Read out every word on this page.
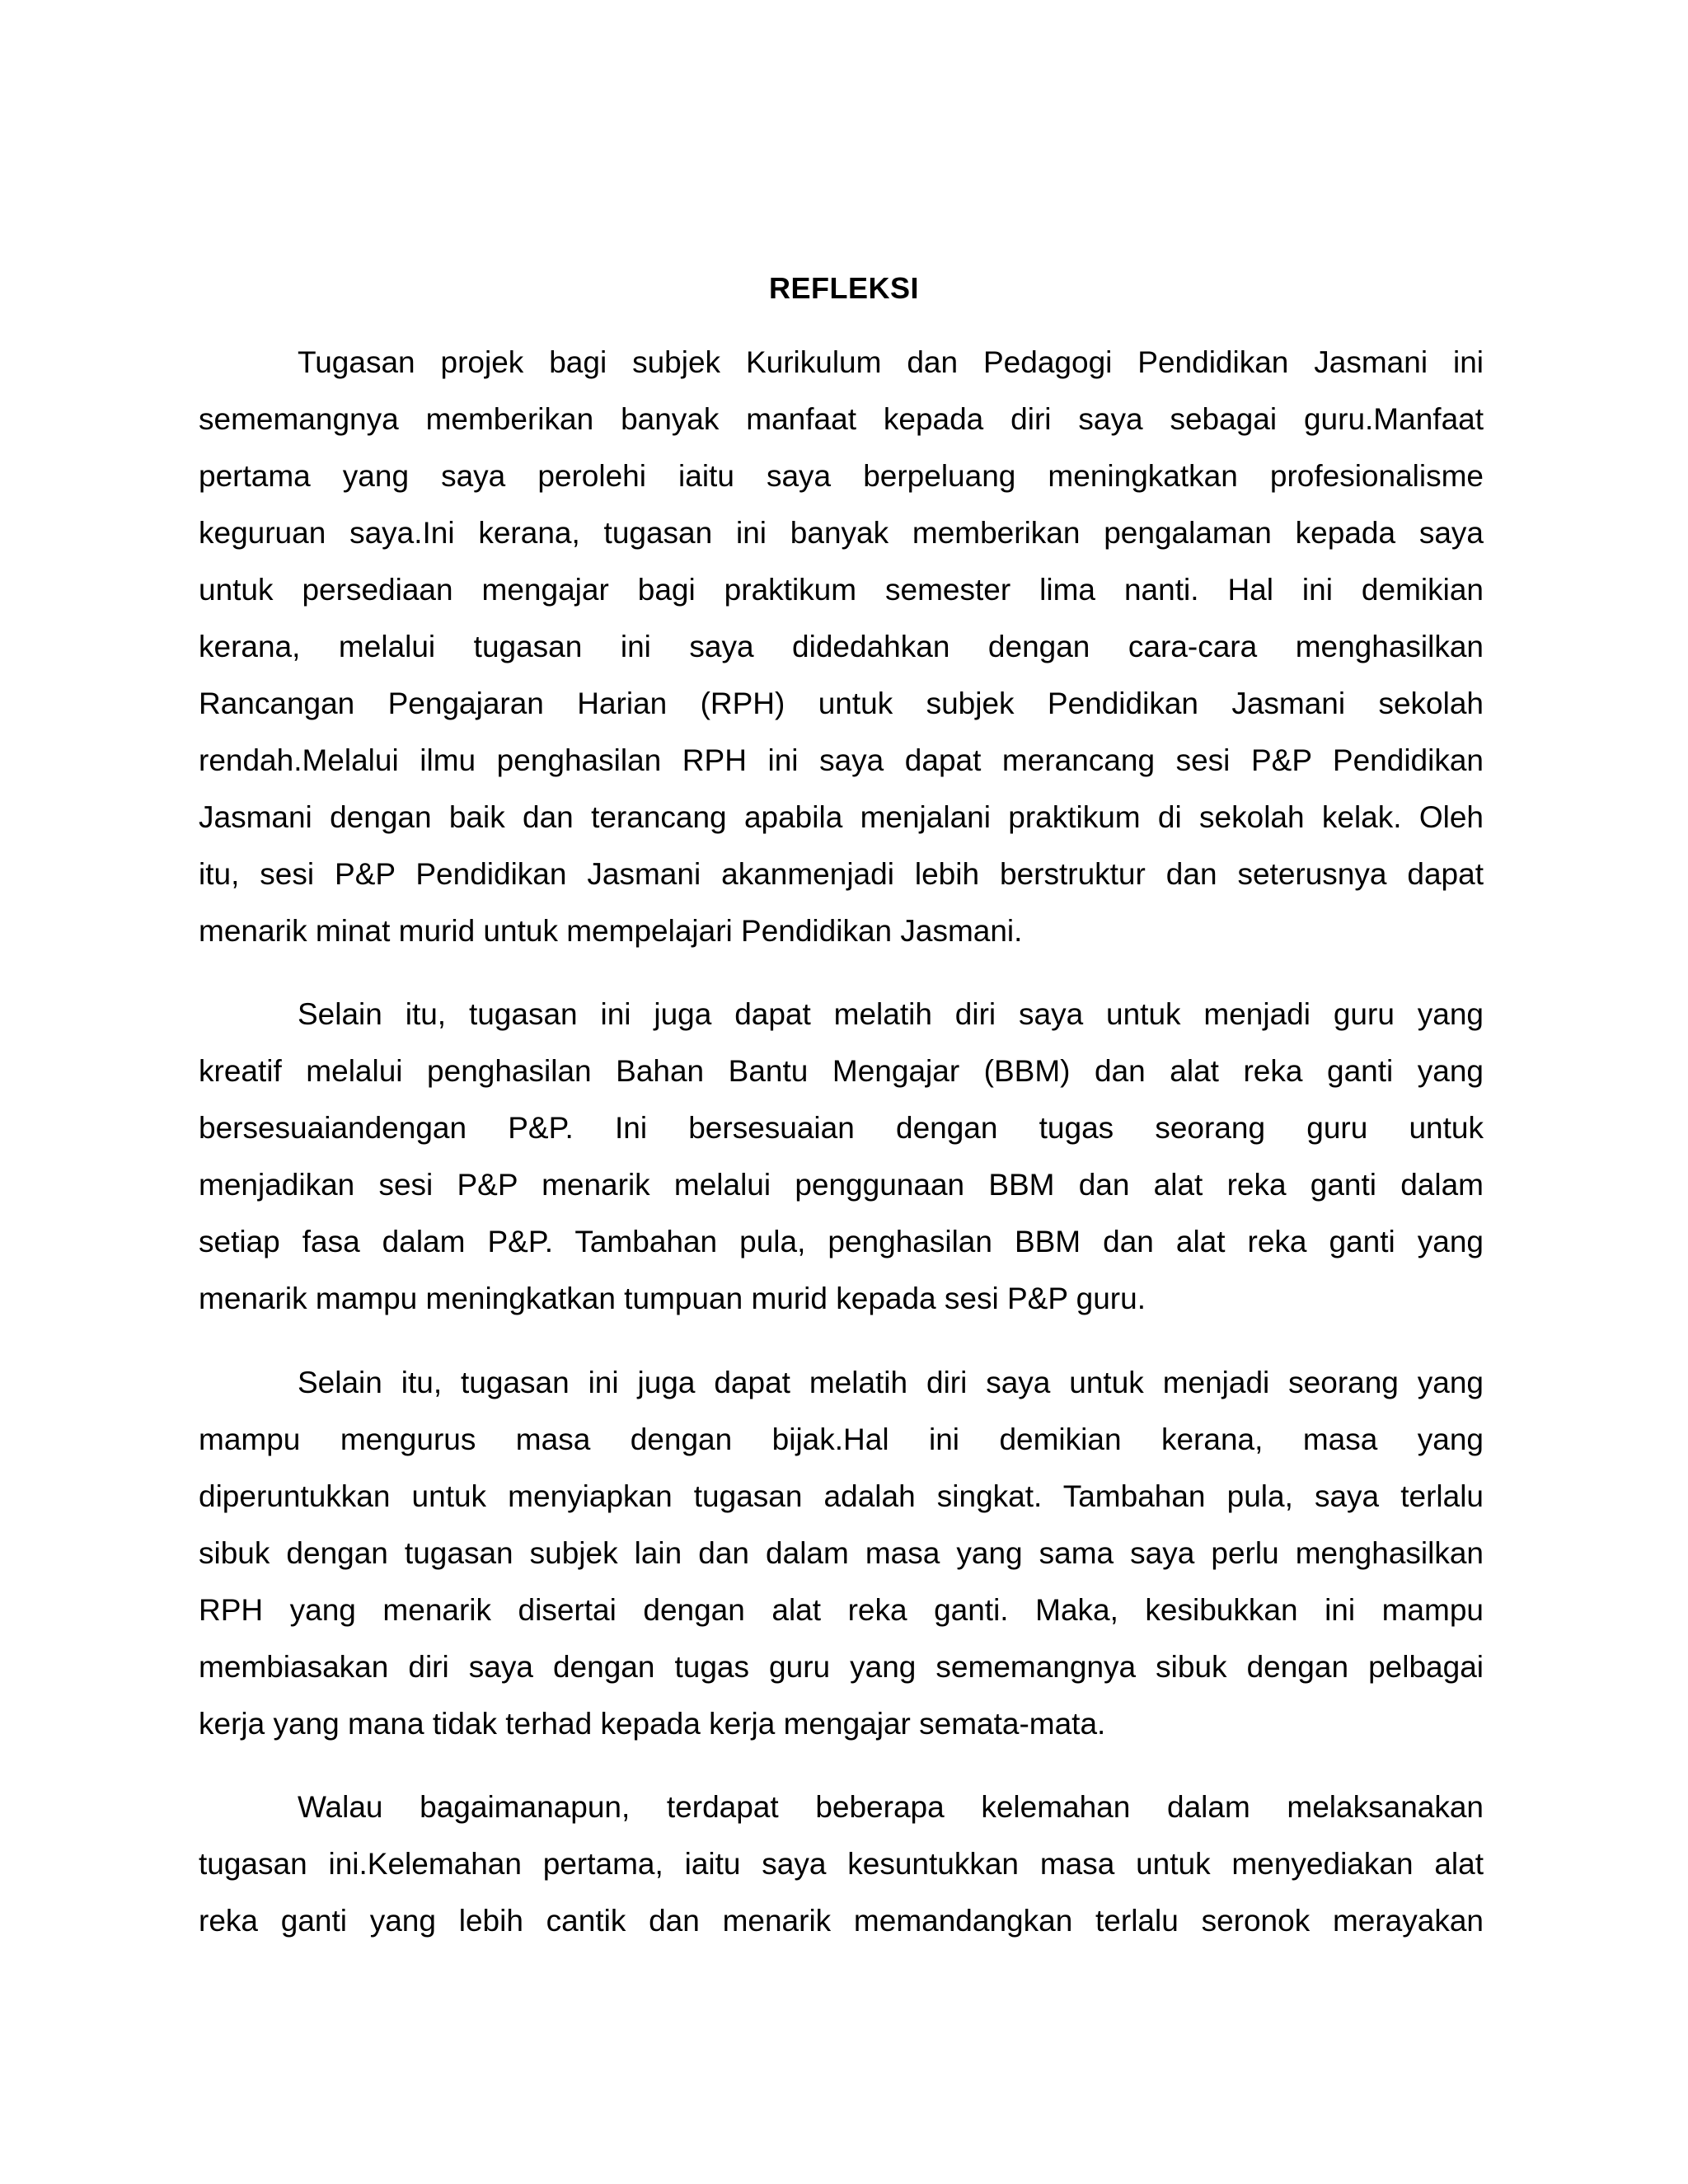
REFLEKSI

Tugasan projek bagi subjek Kurikulum dan Pedagogi Pendidikan Jasmani ini
sememangnya memberikan banyak manfaat kepada diri saya sebagai guru.Manfaat
pertama yang saya perolehi iaitu saya berpeluang meningkatkan profesionalisme
keguruan saya.Ini kerana, tugasan ini banyak memberikan pengalaman kepada saya
untuk persediaan mengajar bagi praktikum semester lima nanti. Hal ini demikian
kerana, melalui tugasan ini saya didedahkan dengan cara-cara menghasilkan
Rancangan Pengajaran Harian (RPH) untuk subjek Pendidikan Jasmani sekolah
rendah.Melalui ilmu penghasilan RPH ini saya dapat merancang sesi P&P Pendidikan
Jasmani dengan baik dan terancang apabila menjalani praktikum di sekolah kelak. Oleh
itu, sesi P&P Pendidikan Jasmani akanmenjadi lebih berstruktur dan seterusnya dapat
menarik minat murid untuk mempelajari Pendidikan Jasmani.

Selain itu, tugasan ini juga dapat melatih diri saya untuk menjadi guru yang
kreatif melalui penghasilan Bahan Bantu Mengajar (BBM) dan alat reka ganti yang
bersesuaiandengan P&P. Ini bersesuaian dengan tugas seorang guru untuk
menjadikan sesi P&P menarik melalui penggunaan BBM dan alat reka ganti dalam
setiap fasa dalam P&P. Tambahan pula, penghasilan BBM dan alat reka ganti yang
menarik mampu meningkatkan tumpuan murid kepada sesi P&P guru.

Selain itu, tugasan ini juga dapat melatih diri saya untuk menjadi seorang yang
mampu mengurus masa dengan bijak.Hal ini demikian kerana, masa yang
diperuntukkan untuk menyiapkan tugasan adalah singkat. Tambahan pula, saya terlalu
sibuk dengan tugasan subjek lain dan dalam masa yang sama saya perlu menghasilkan
RPH yang menarik disertai dengan alat reka ganti. Maka, kesibukkan ini mampu
membiasakan diri saya dengan tugas guru yang sememangnya sibuk dengan pelbagai
kerja yang mana tidak terhad kepada kerja mengajar semata-mata.

Walau bagaimanapun, terdapat beberapa kelemahan dalam melaksanakan
tugasan ini.Kelemahan pertama, iaitu saya kesuntukkan masa untuk menyediakan alat
reka ganti yang lebih cantik dan menarik memandangkan terlalu seronok merayakan
